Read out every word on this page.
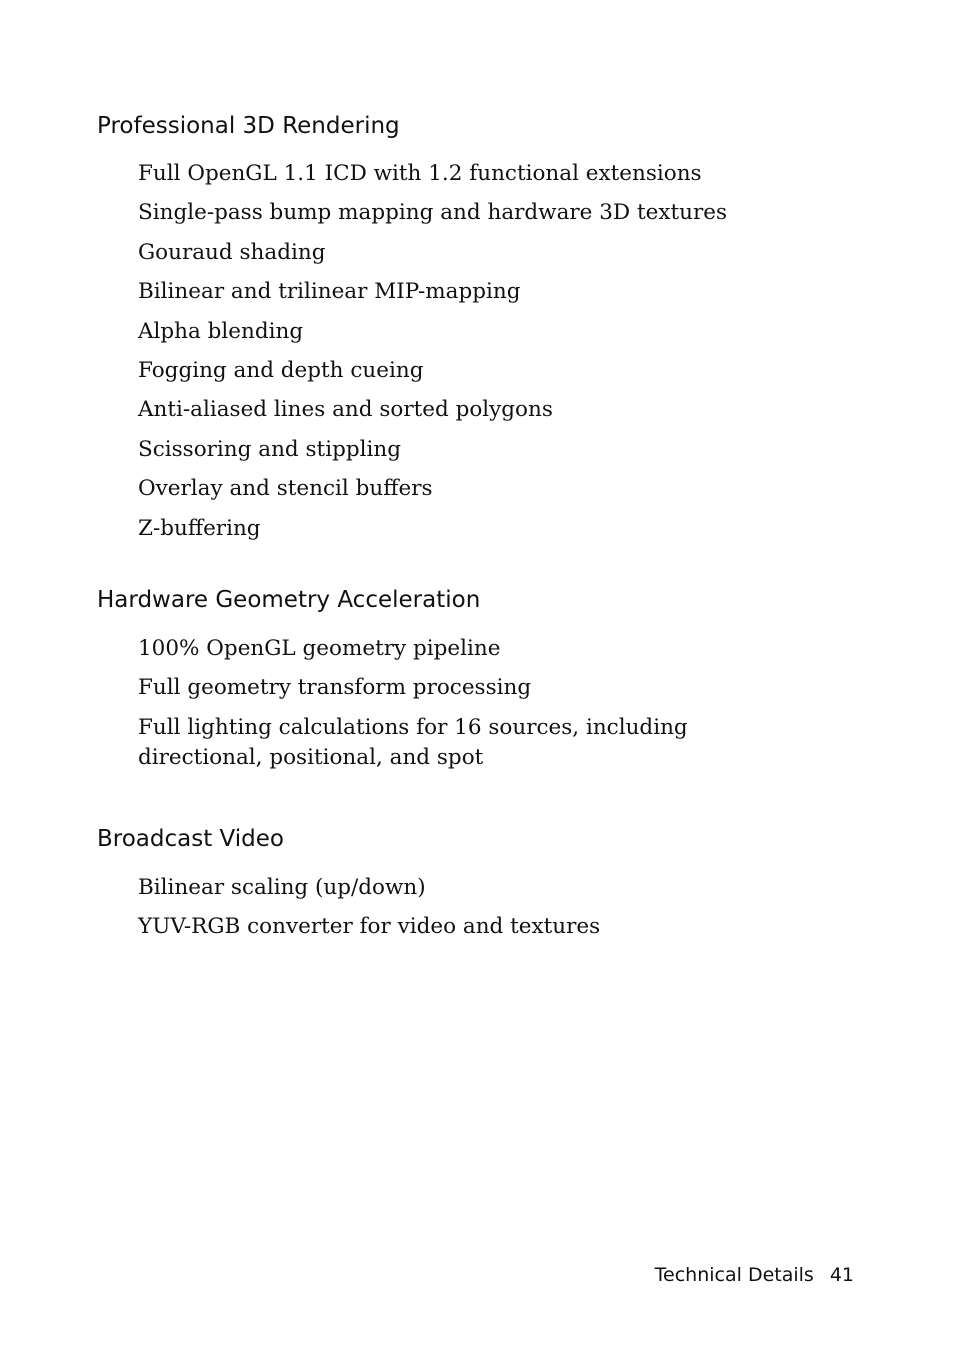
Professional 3D Rendering
Full OpenGL 1.1 ICD with 1.2 functional extensions
Single-pass bump mapping and hardware 3D textures
Gouraud shading
Bilinear and trilinear MIP-mapping
Alpha blending
Fogging and depth cueing
Anti-aliased lines and sorted polygons
Scissoring and stippling
Overlay and stencil buffers
Z-buffering
Hardware Geometry Acceleration
100% OpenGL geometry pipeline
Full geometry transform processing
Full lighting calculations for 16 sources, including directional, positional, and spot
Broadcast Video
Bilinear scaling (up/down)
YUV-RGB converter for video and textures
Technical Details 41
